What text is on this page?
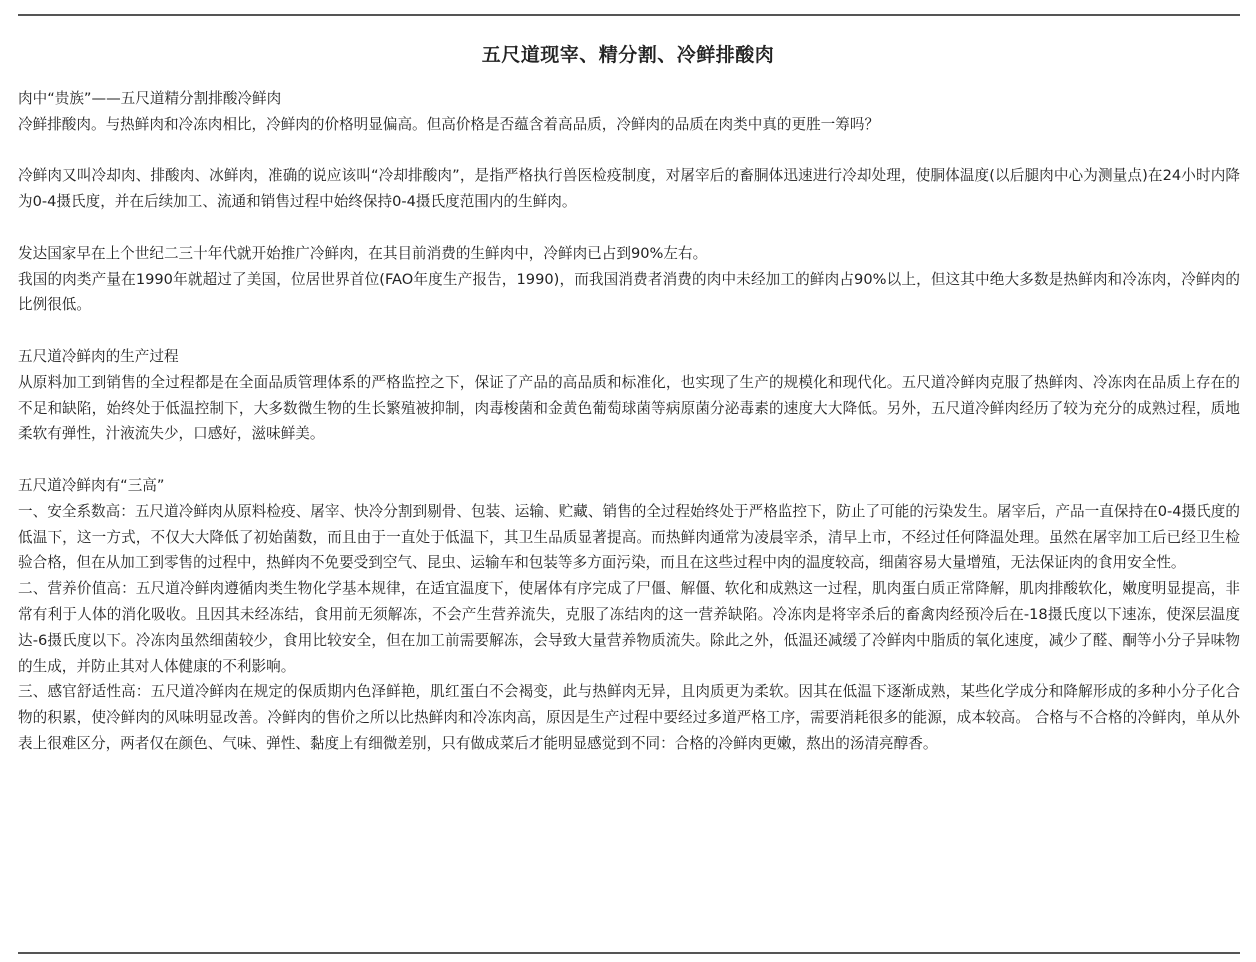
五尺道现宰、精分割、冷鲜排酸肉

肉中“贵族”——五尺道精分割排酸冷鲜肉

冷鲜排酸肉。与热鲜肉和冷冻肉相比，冷鲜肉的价格明显偏高。但高价格是否蕴含着高品质，冷鲜肉的品质在肉类中真的更胜一筹吗？

冷鲜肉又叫冷却肉、排酸肉、冰鲜肉，准确的说应该叫“冷却排酸肉”，是指严格执行兽医检疫制度，对屠宰后的畜胴体迅速进行冷却处理，使胴体温度(以后腿肉中心为测量点)在24小时内降为0-4摄氏度，并在后续加工、流通和销售过程中始终保持0-4摄氏度范围内的生鲜肉。

发达国家早在上个世纪二三十年代就开始推广冷鲜肉，在其目前消费的生鲜肉中，冷鲜肉已占到90%左右。

我国的肉类产量在1990年就超过了美国，位居世界首位(FAO年度生产报告，1990)，而我国消费者消费的肉中未经加工的鲜肉占90%以上，但这其中绝大多数是热鲜肉和冷冻肉，冷鲜肉的比例很低。

五尺道冷鲜肉的生产过程

从原料加工到销售的全过程都是在全面品质管理体系的严格监控之下，保证了产品的高品质和标准化，也实现了生产的规模化和现代化。五尺道冷鲜肉克服了热鲜肉、冷冻肉在品质上存在的不足和缺陷，始终处于低温控制下，大多数微生物的生长繁殖被抑制，肉毒梭菌和金黄色葡萄球菌等病原菌分泌毒素的速度大大降低。另外，五尺道冷鲜肉经历了较为充分的成熟过程，质地柔软有弹性，汁液流失少，口感好，滋味鲜美。

五尺道冷鲜肉有“三高”

一、安全系数高：五尺道冷鲜肉从原料检疫、屠宰、快冷分割到剔骨、包装、运输、贮藏、销售的全过程始终处于严格监控下，防止了可能的污染发生。屠宰后，产品一直保持在0-4摄氏度的低温下，这一方式，不仅大大降低了初始菌数，而且由于一直处于低温下，其卫生品质显著提高。而热鲜肉通常为凌晨宰杀，清早上市，不经过任何降温处理。虽然在屠宰加工后已经卫生检验合格，但在从加工到零售的过程中，热鲜肉不免要受到空气、昆虫、运输车和包装等多方面污染，而且在这些过程中肉的温度较高，细菌容易大量增殖，无法保证肉的食用安全性。

二、营养价值高：五尺道冷鲜肉遵循肉类生物化学基本规律，在适宜温度下，使屠体有序完成了尸僵、解僵、软化和成熟这一过程，肌肉蛋白质正常降解，肌肉排酸软化，嫩度明显提高，非常有利于人体的消化吸收。且因其未经冻结，食用前无须解冻，不会产生营养流失，克服了冻结肉的这一营养缺陷。冷冻肉是将宰杀后的畜禽肉经预冷后在-18摄氏度以下速冻，使深层温度达-6摄氏度以下。冷冻肉虽然细菌较少，食用比较安全，但在加工前需要解冻，会导致大量营养物质流失。除此之外，低温还减缓了冷鲜肉中脂质的氧化速度，减少了醛、酮等小分子异味物的生成，并防止其对人体健康的不利影响。

三、感官舒适性高：五尺道冷鲜肉在规定的保质期内色泽鲜艳，肌红蛋白不会褐变，此与热鲜肉无异，且肉质更为柔软。因其在低温下逐渐成熟，某些化学成分和降解形成的多种小分子化合物的积累，使冷鲜肉的风味明显改善。冷鲜肉的售价之所以比热鲜肉和冷冻肉高，原因是生产过程中要经过多道严格工序，需要消耗很多的能源，成本较高。 合格与不合格的冷鲜肉，单从外表上很难区分，两者仅在颜色、气味、弹性、黏度上有细微差别，只有做成菜后才能明显感觉到不同：合格的冷鲜肉更嫩，熬出的汤清亮醇香。
